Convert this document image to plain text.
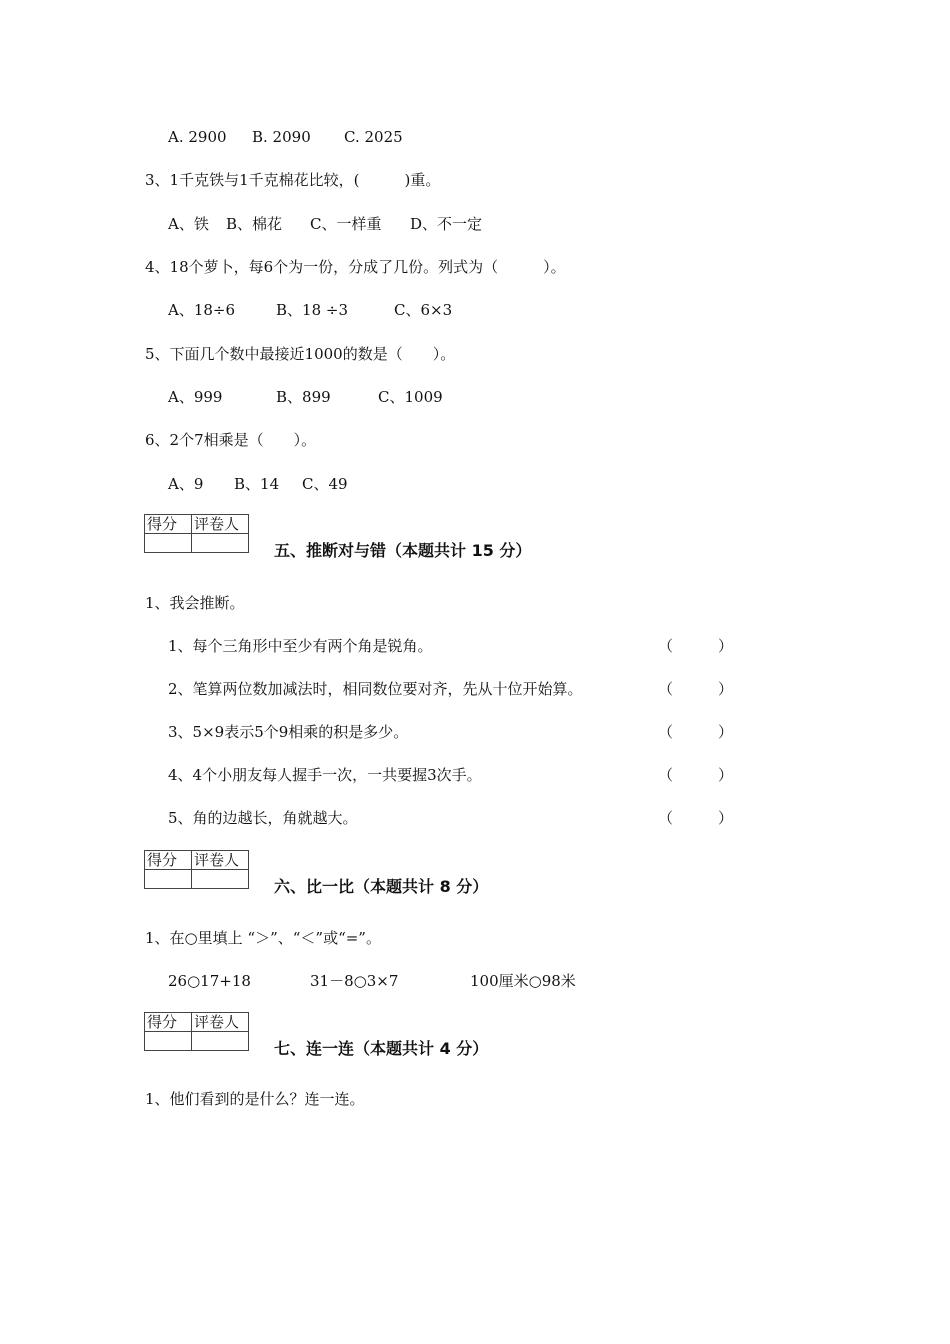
A. 2900 B. 2090 C. 2025
3、1千克铁与1千克棉花比较，(　　　)重。
A、铁 B、棉花 C、一样重 D、不一定
4、18个萝卜，每6个为一份，分成了几份。列式为（　　　）。
A、18÷6	B、18 ÷3	C、6×3
5、下面几个数中最接近1000的数是（　　）。
A、999	B、899	C、1009
6、2个7相乘是（　　）。
A、9 B、14 C、49
得分	评卷人

五、推断对与错（本题共计 15 分）
1、我会推断。
1、每个三角形中至少有两个角是锐角。	（　　　）
2、笔算两位数加减法时，相同数位要对齐，先从十位开始算。	（　　　）
3、5×9表示5个9相乘的积是多少。	（　　　）
4、4个小朋友每人握手一次，一共要握3次手。	（　　　）
5、角的边越长，角就越大。	（　　　）
得分	评卷人

六、比一比（本题共计 8 分）
1、在○里填上 “＞”、“＜”或“=”。
26○17+18	31－8○3×7	100厘米○98米
得分	评卷人

七、连一连（本题共计 4 分）
1、他们看到的是什么？连一连。
